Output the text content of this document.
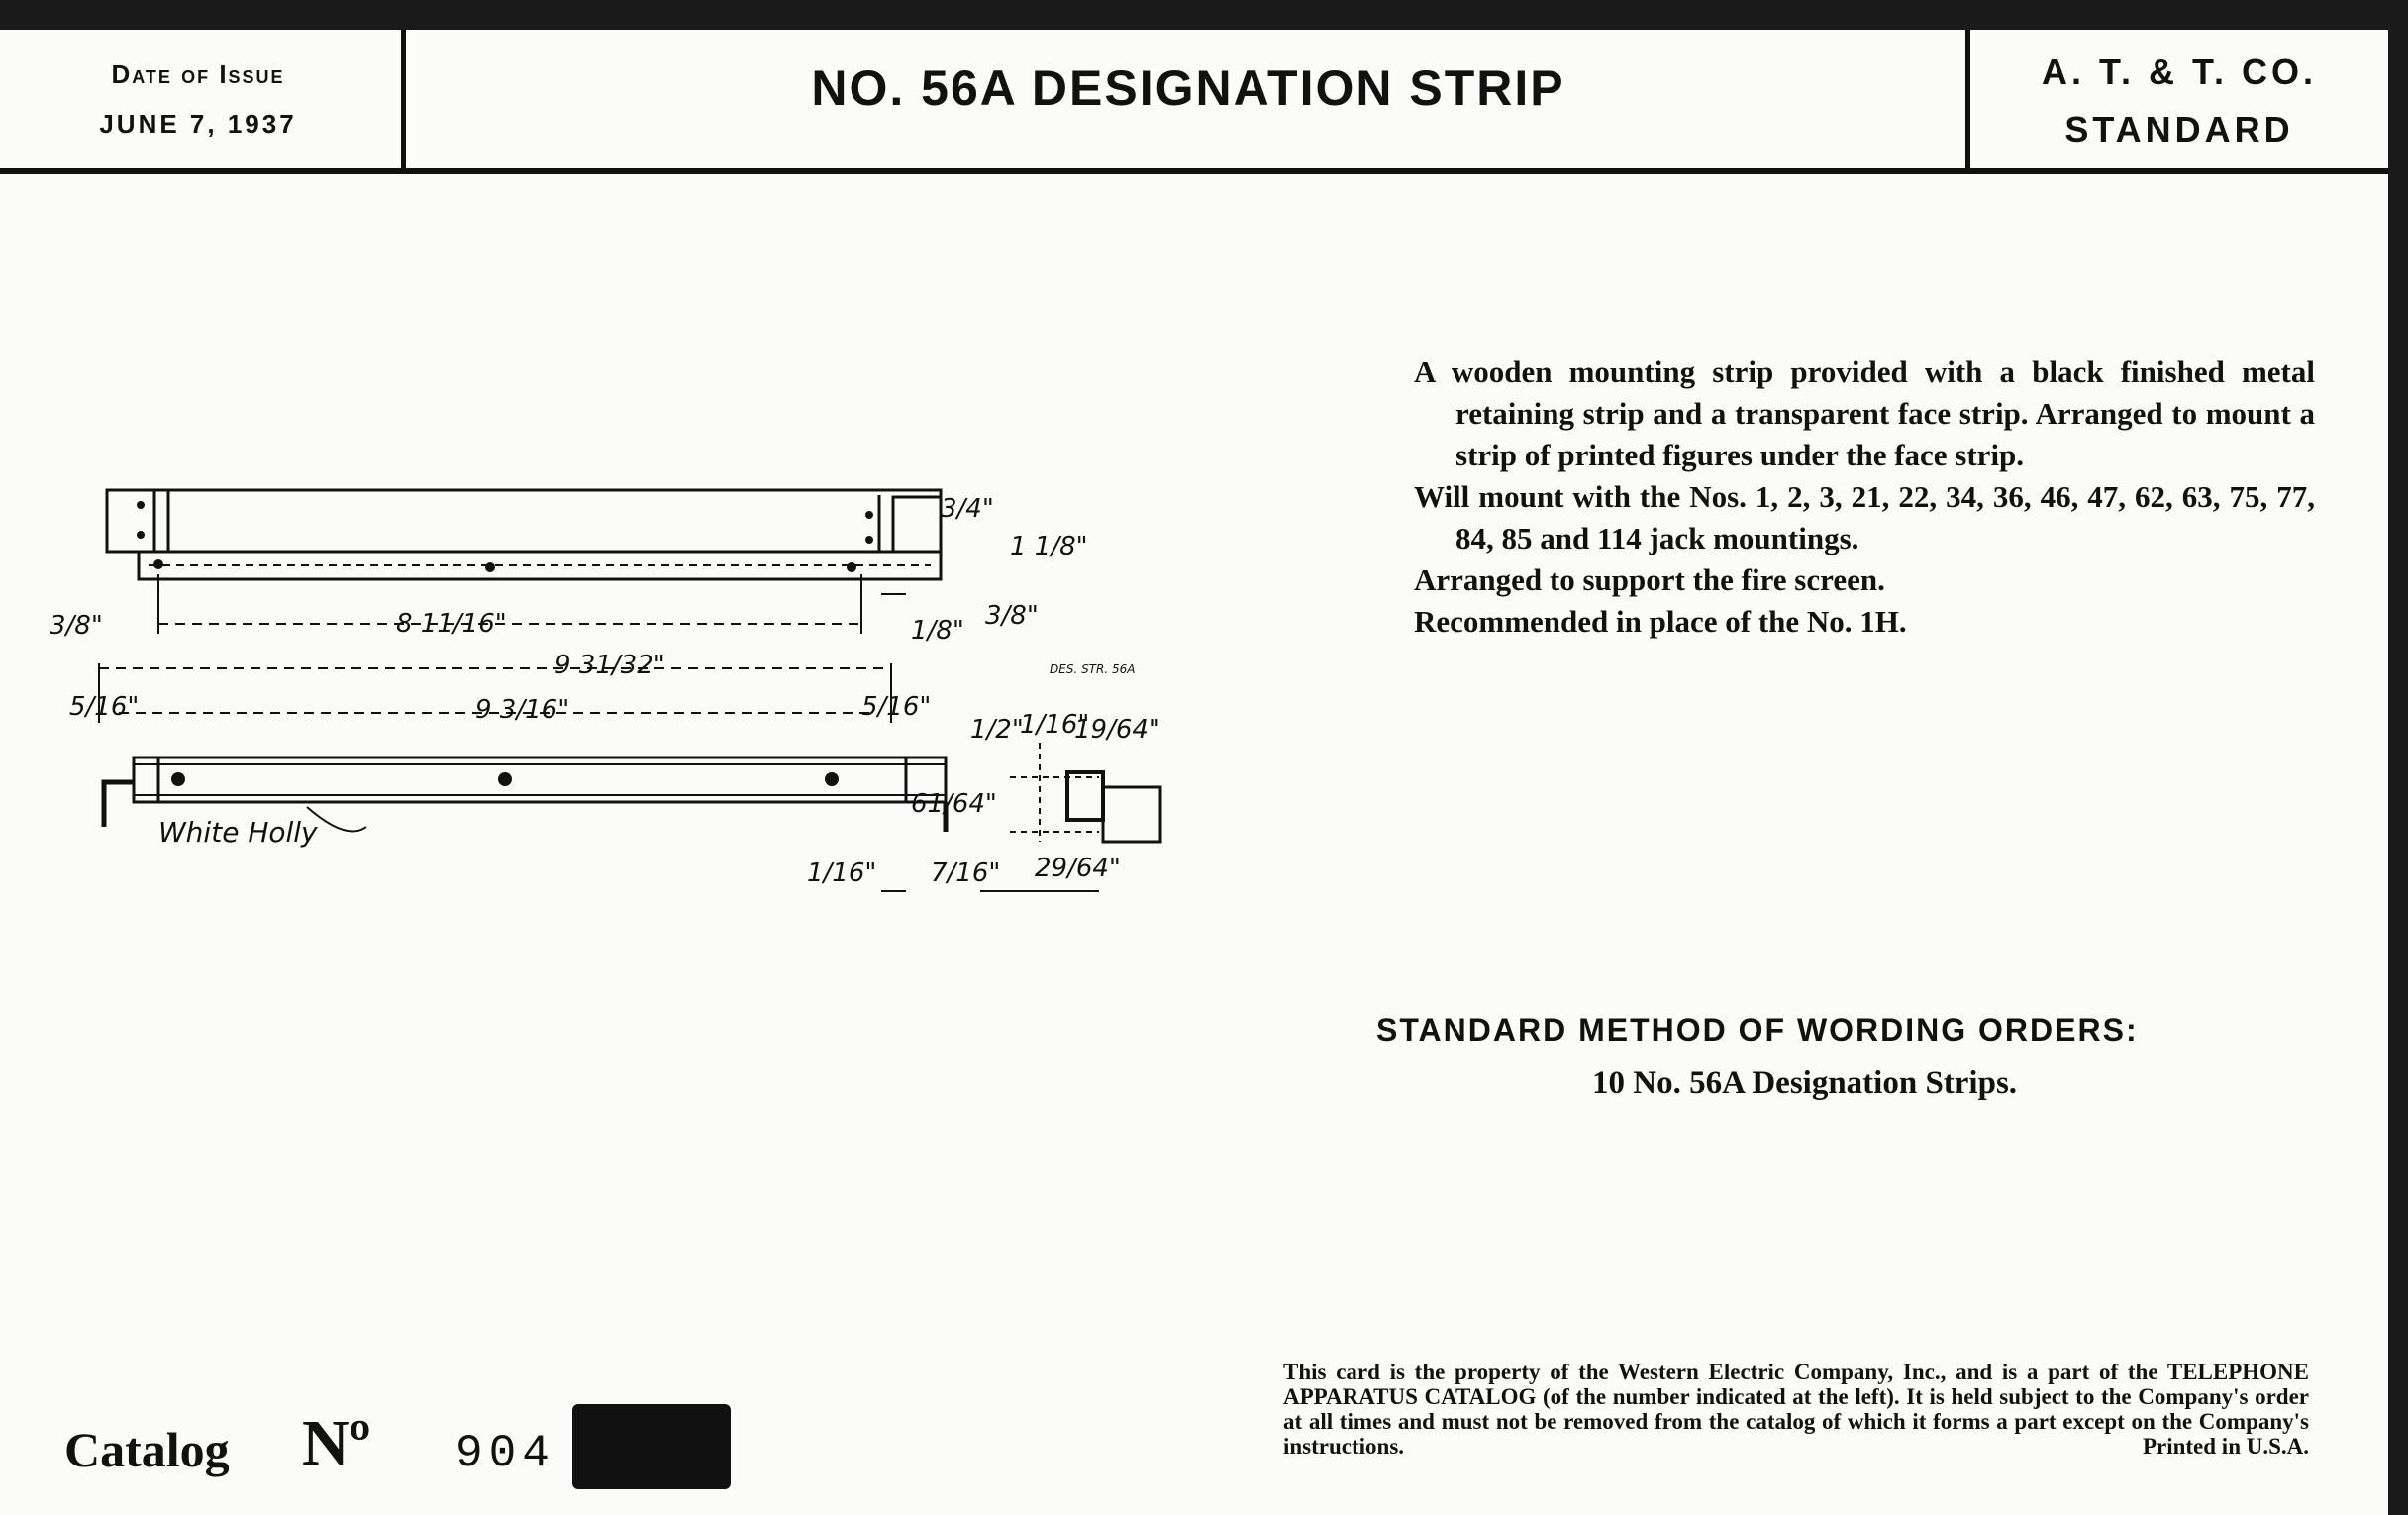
Date of Issue
JUNE 7, 1937
NO. 56A DESIGNATION STRIP	A. T. & T. CO.
STANDARD
3/4"
1 1/8"
3/8"	8 11/16"	1/8" 3/8"
9 31/32"
5/16"	9 3/16"	5/16"
1/2"
1/16"
19/64"
61/64"
1/16" 7/16" 29/64"
White Holly
DES. STR. 56A

A wooden mounting strip provided with a black finished metal retaining strip and a transparent face strip. Arranged to mount a strip of printed figures under the face strip.

Will mount with the Nos. 1, 2, 3, 21, 22, 34, 36, 46, 47, 62, 63, 75, 77, 84, 85 and 114 jack mountings.

Arranged to support the fire screen.

Recommended in place of the No. 1H.

STANDARD METHOD OF WORDING ORDERS:
10 No. 56A Designation Strips.
This card is the property of the Western Electric Company, Inc., and is a part of the TELEPHONE APPARATUS CATALOG (of the number indicated at the left). It is held subject to the Company's order at all times and must not be removed from the catalog of which it forms a part except on the Company's instructions.	Printed in U.S.A.
Catalog Nº 904
